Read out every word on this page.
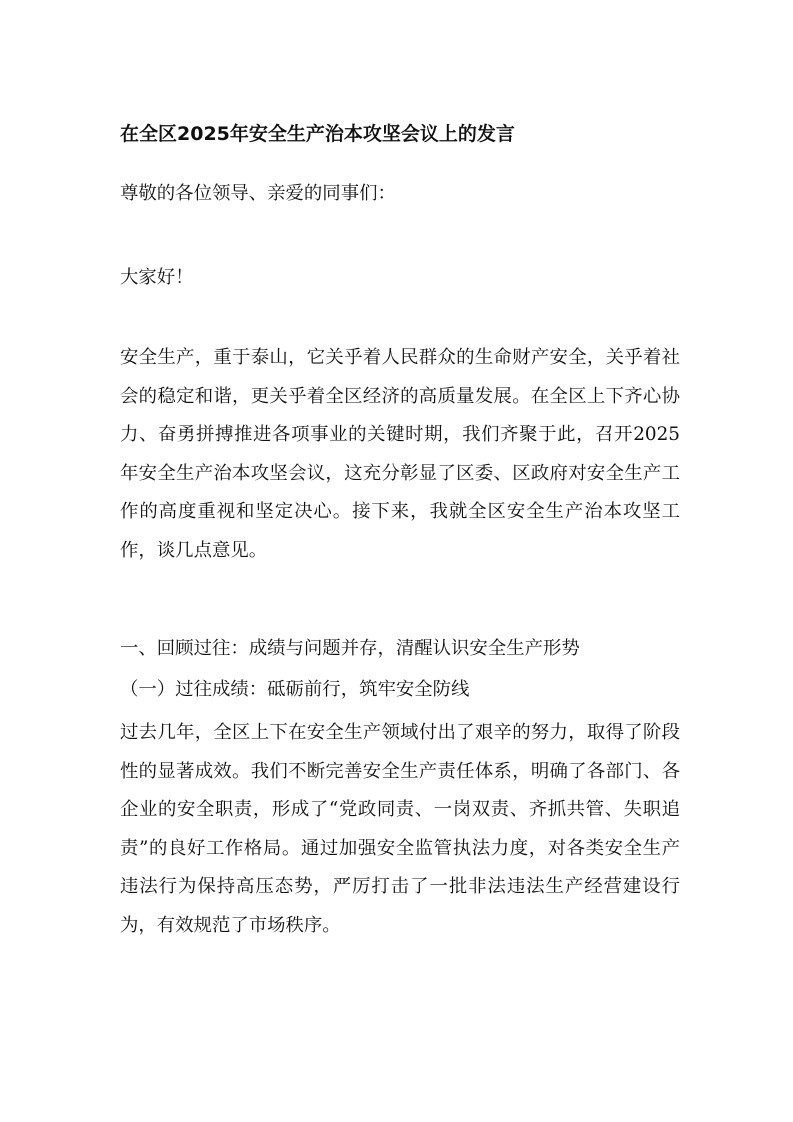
在全区2025年安全生产治本攻坚会议上的发言

尊敬的各位领导、亲爱的同事们：

大家好！

安全生产，重于泰山，它关乎着人民群众的生命财产安全，关乎着社会的稳定和谐，更关乎着全区经济的高质量发展。在全区上下齐心协力、奋勇拼搏推进各项事业的关键时期，我们齐聚于此，召开2025年安全生产治本攻坚会议，这充分彰显了区委、区政府对安全生产工作的高度重视和坚定决心。接下来，我就全区安全生产治本攻坚工作，谈几点意见。

一、回顾过往：成绩与问题并存，清醒认识安全生产形势

（一）过往成绩：砥砺前行，筑牢安全防线

过去几年，全区上下在安全生产领域付出了艰辛的努力，取得了阶段性的显著成效。我们不断完善安全生产责任体系，明确了各部门、各企业的安全职责，形成了“党政同责、一岗双责、齐抓共管、失职追责”的良好工作格局。通过加强安全监管执法力度，对各类安全生产违法行为保持高压态势，严厉打击了一批非法违法生产经营建设行为，有效规范了市场秩序。
